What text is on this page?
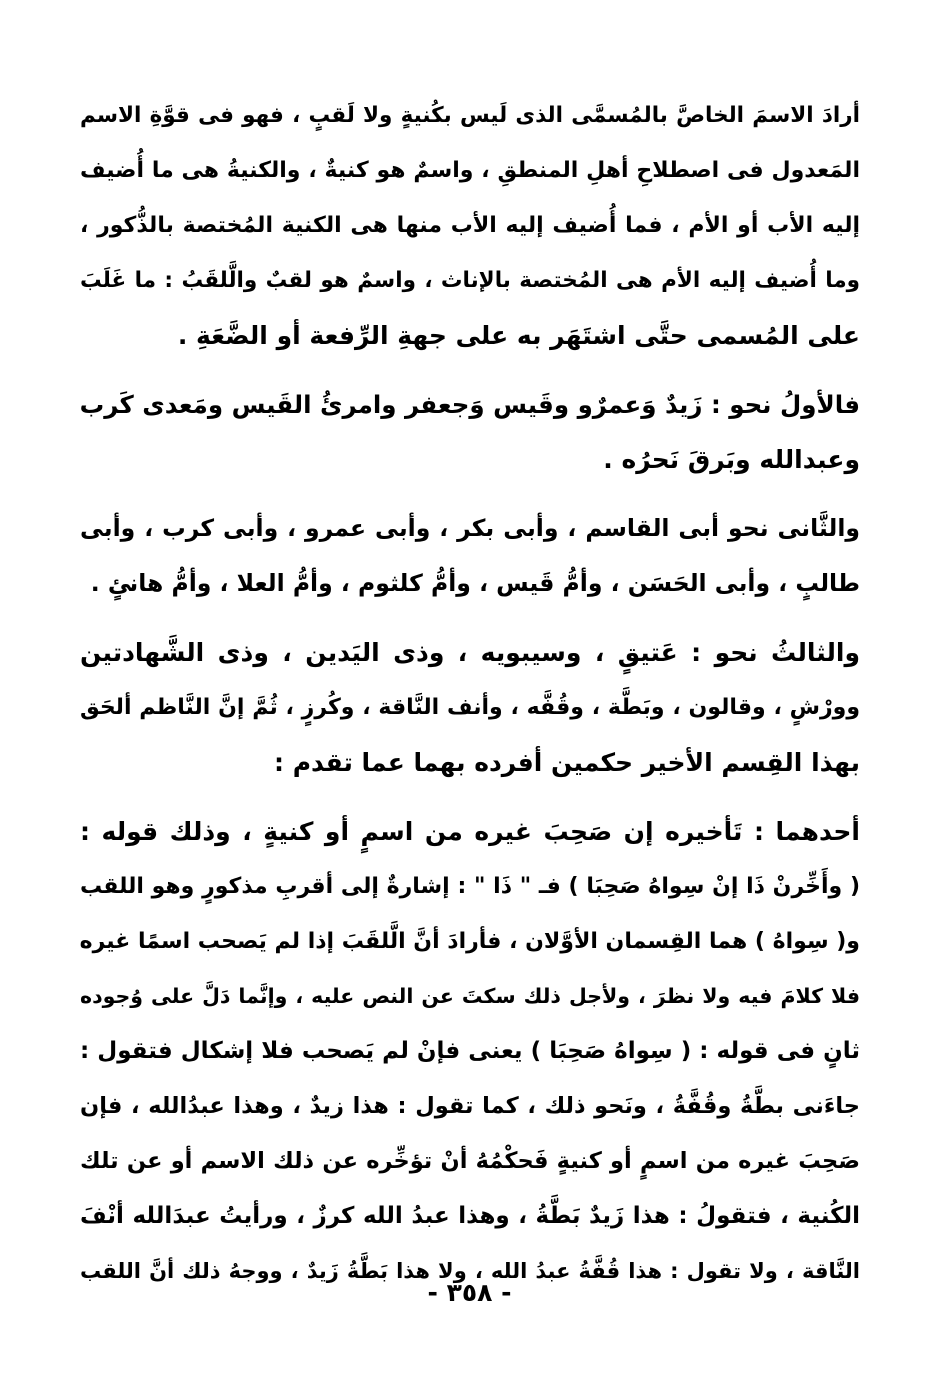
أرادَ الاسمَ الخاصَّ بالمُسمَّى الذى لَيس بكُنيةٍ ولا لَقبٍ ، فهو فى قوَّةِ الاسم
المَعدول فى اصطلاحِ أهلِ المنطقِ ، واسمٌ هو كنيةٌ ، والكنيةُ هى ما أُضيف
إليه الأب أو الأم ، فما أُضيف إليه الأب منها هى الكنية المُختصة بالذُّكور ،
وما أُضيف إليه الأم هى المُختصة بالإناث ، واسمٌ هو لقبٌ والَّلقَبُ : ما غَلَبَ
على المُسمى حتَّى اشتَهَر به على جهةِ الرِّفعة أو الضَّعَةِ .
فالأولُ نحو : زَيدٌ وَعمرٌو وقَيس وَجعفر وامرئُ القَيس ومَعدى كَرب
وعبدالله وبَرقَ نَحرُه .
والثَّانى نحو أبى القاسم ، وأبى بكر ، وأبى عمرو ، وأبى كرب ، وأبى
طالبٍ ، وأبى الحَسَن ، وأمُّ قَيس ، وأمُّ كلثوم ، وأمُّ العلا ، وأمُّ هانئٍ .
والثالثُ نحو : عَتيقٍ ، وسيبويه ، وذى اليَدين ، وذى الشَّهادتين
وورْشٍ ، وقالون ، وبَطَّة ، وقُفَّه ، وأنف النَّاقة ، وكُرزٍ ، ثُمَّ إنَّ النَّاظم ألحَق
بهذا القِسم الأخير حكمين أفرده بهما عما تقدم :
أحدهما : تَأخيره إن صَحِبَ غيره من اسمٍ أو كنيةٍ ، وذلك قوله :
( وأَخِّرنْ ذَا إنْ سِواهُ صَحِبَا ) فـ " ذَا " : إشارةٌ إلى أقربِ مذكورٍ وهو اللقب
و( سِواهُ ) هما القِسمان الأوَّلان ، فأرادَ أنَّ الَّلقَبَ إذا لم يَصحب اسمًا غيره
فلا كلامَ فيه ولا نظرَ ، ولأجل ذلك سكتَ عن النص عليه ، وإنَّما دَلَّ على وُجوده
ثانٍ فى قوله : ( سِواهُ صَحِبَا ) يعنى فإنْ لم يَصحب فلا إشكال فتقول :
جاءَنى بطَّةُ وقُفَّةُ ، ونَحو ذلك ، كما تقول : هذا زيدٌ ، وهذا عبدُالله ، فإن
صَحِبَ غيره من اسمٍ أو كنيةٍ فَحكْمُهُ أنْ تؤخِّره عن ذلك الاسم أو عن تلك
الكُنية ، فتقولُ : هذا زَيدٌ بَطَّةُ ، وهذا عبدُ الله كرزٌ ، ورأيتُ عبدَالله أنْفَ
النَّاقة ، ولا تقول : هذا قُفَّةُ عبدُ الله ، ولا هذا بَطَّةُ زَيدٌ ، ووجهُ ذلك أنَّ اللقب
- ٣٥٨ -
